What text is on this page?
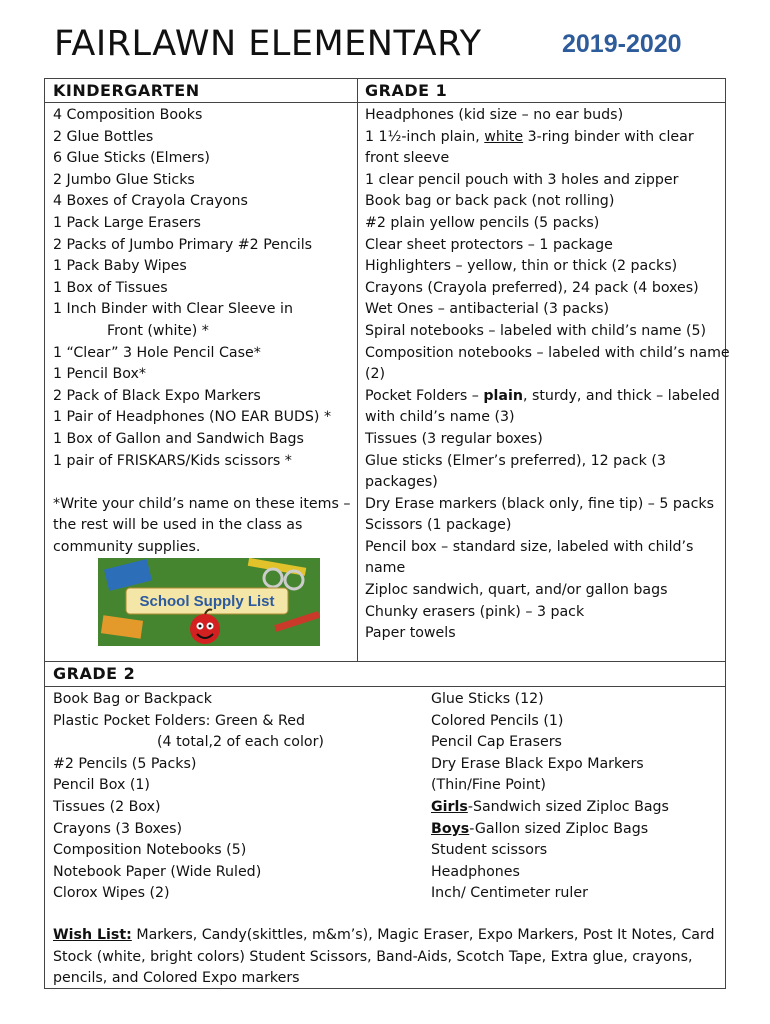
FAIRLAWN ELEMENTARY	2019-2020
KINDERGARTEN
4 Composition Books
2 Glue Bottles
6 Glue Sticks (Elmers)
2 Jumbo Glue Sticks
4 Boxes of Crayola Crayons
1 Pack Large Erasers
2 Packs of Jumbo Primary #2 Pencils
1 Pack Baby Wipes
1 Box of Tissues
1 Inch Binder with Clear Sleeve in
Front (white) *
1 “Clear” 3 Hole Pencil Case*
1 Pencil Box*
2 Pack of Black Expo Markers
1 Pair of Headphones (NO EAR BUDS) *
1 Box of Gallon and Sandwich Bags
1 pair of FRISKARS/Kids scissors *
*Write your child’s name on these items –
the rest will be used in the class as
community supplies.
School Supply List
GRADE 1
Headphones (kid size – no ear buds)
1 1½-inch plain, white 3-ring binder with clear
front sleeve
1 clear pencil pouch with 3 holes and zipper
Book bag or back pack (not rolling)
#2 plain yellow pencils (5 packs)
Clear sheet protectors – 1 package
Highlighters – yellow, thin or thick (2 packs)
Crayons (Crayola preferred), 24 pack (4 boxes)
Wet Ones – antibacterial (3 packs)
Spiral notebooks – labeled with child’s name (5)
Composition notebooks – labeled with child’s name
(2)
Pocket Folders – plain, sturdy, and thick – labeled
with child’s name (3)
Tissues (3 regular boxes)
Glue sticks (Elmer’s preferred), 12 pack (3
packages)
Dry Erase markers (black only, fine tip) – 5 packs
Scissors (1 package)
Pencil box – standard size, labeled with child’s
name
Ziploc sandwich, quart, and/or gallon bags
Chunky erasers (pink) – 3 pack
Paper towels
GRADE 2
Book Bag or Backpack
Plastic Pocket Folders: Green & Red
(4 total,2 of each color)
#2 Pencils (5 Packs)
Pencil Box (1)
Tissues (2 Box)
Crayons (3 Boxes)
Composition Notebooks (5)
Notebook Paper (Wide Ruled)
Clorox Wipes (2)
Glue Sticks (12)
Colored Pencils (1)
Pencil Cap Erasers
Dry Erase Black Expo Markers
(Thin/Fine Point)
Girls-Sandwich sized Ziploc Bags
Boys-Gallon sized Ziploc Bags
Student scissors
Headphones
Inch/ Centimeter ruler
Wish List: Markers, Candy(skittles, m&m’s), Magic Eraser, Expo Markers, Post It Notes, Card Stock (white, bright colors) Student Scissors, Band-Aids, Scotch Tape, Extra glue, crayons, pencils, and Colored Expo markers
